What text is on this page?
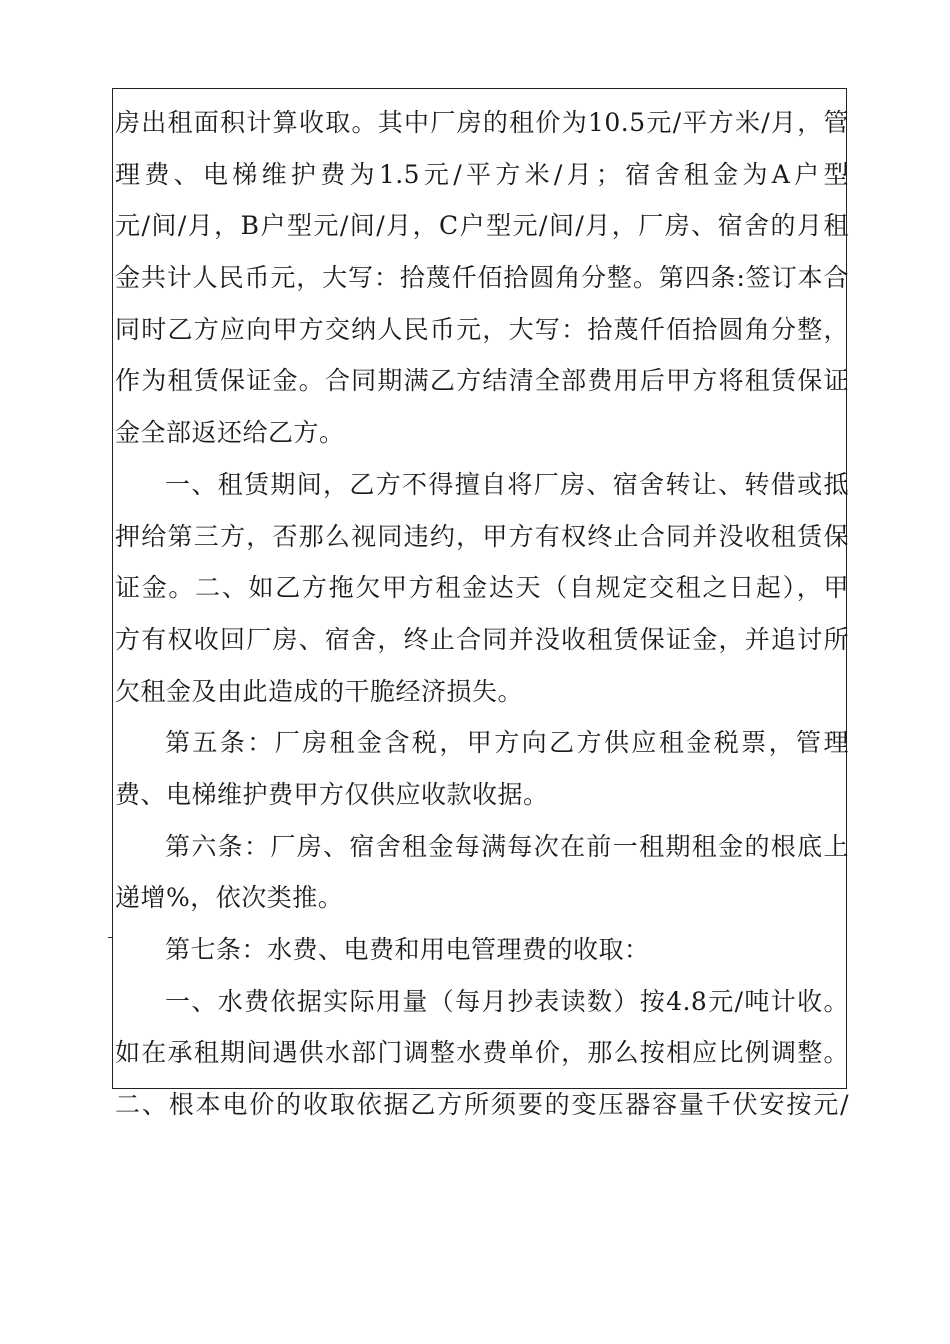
房出租面积计算收取。其中厂房的租价为10.5元/平方米/月，管
理费、电梯维护费为1.5元/平方米/月；宿舍租金为A户型
元/间/月，B户型元/间/月，C户型元/间/月，厂房、宿舍的月租
金共计人民币元，大写：拾蔑仟佰拾圆角分整。第四条:签订本合
同时乙方应向甲方交纳人民币元，大写：拾蔑仟佰拾圆角分整，
作为租赁保证金。合同期满乙方结清全部费用后甲方将租赁保证
金全部返还给乙方。
一、租赁期间，乙方不得擅自将厂房、宿舍转让、转借或抵
押给第三方，否那么视同违约，甲方有权终止合同并没收租赁保
证金。二、如乙方拖欠甲方租金达天（自规定交租之日起），甲
方有权收回厂房、宿舍，终止合同并没收租赁保证金，并追讨所
欠租金及由此造成的干脆经济损失。
第五条：厂房租金含税，甲方向乙方供应租金税票，管理
费、电梯维护费甲方仅供应收款收据。
第六条：厂房、宿舍租金每满每次在前一租期租金的根底上
递增%，依次类推。
第七条：水费、电费和用电管理费的收取：
一、水费依据实际用量（每月抄表读数）按4.8元/吨计收。
如在承租期间遇供水部门调整水费单价，那么按相应比例调整。
二、根本电价的收取依据乙方所须要的变压器容量千伏安按元/
